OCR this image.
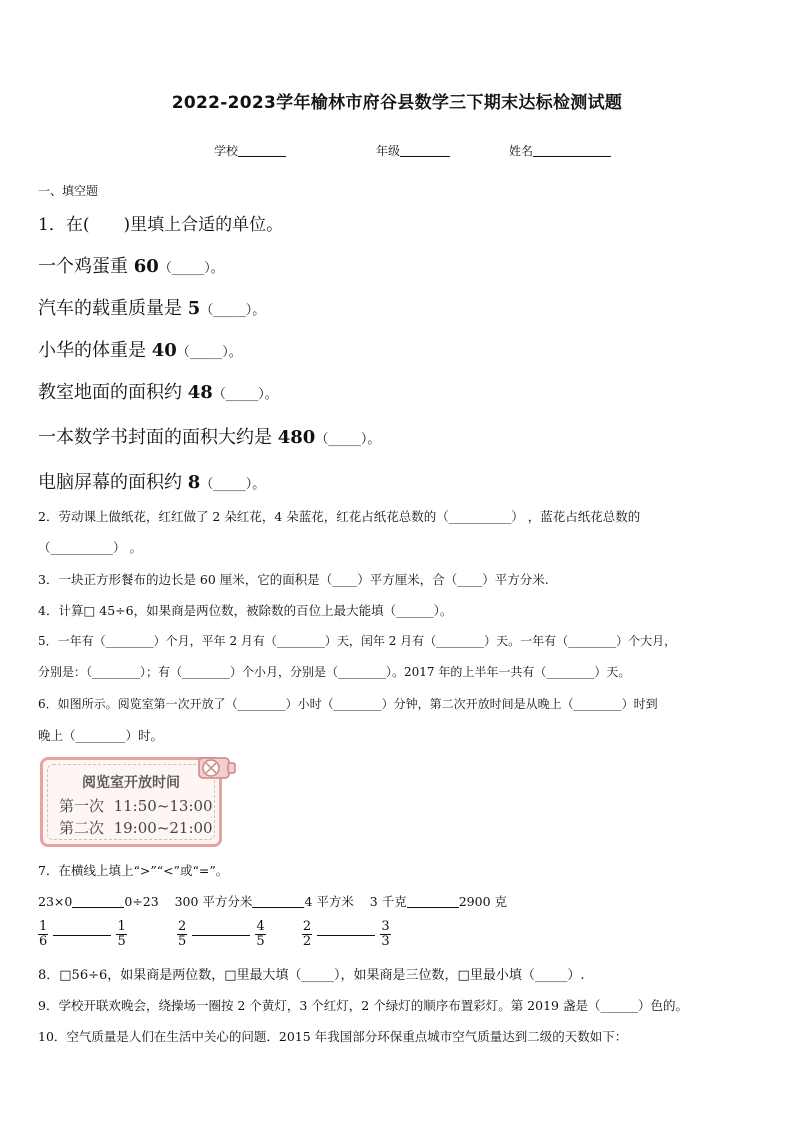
2022-2023学年榆林市府谷县数学三下期末达标检测试题
学校	年级	姓名
一、填空题
1．在(　　)里填上合适的单位。
一个鸡蛋重 60（_____）。
汽车的载重质量是 5（_____）。
小华的体重是 40（_____）。
教室地面的面积约 48（_____）。
一本数学书封面的面积大约是 480（_____）。
电脑屏幕的面积约 8（_____）。
2．劳动课上做纸花，红红做了 2 朵红花，4 朵蓝花，红花占纸花总数的（__________） ，蓝花占纸花总数的
（__________） 。
3．一块正方形餐布的边长是 60 厘米，它的面积是（____）平方厘米，合（____）平方分米.
4．计算□ 45÷6，如果商是两位数，被除数的百位上最大能填（______）。
5．一年有（________）个月，平年 2 月有（________）天，闰年 2 月有（________）天。一年有（________）个大月，
分别是：（________）；有（________）个小月，分别是（________）。2017 年的上半年一共有（________）天。
6．如图所示。阅览室第一次开放了（________）小时（________）分钟，第二次开放时间是从晚上（________）时到
晚上（________）时。
阅览室开放时间
第一次 11:50~13:00
第二次 19:00~21:00
7．在横线上填上“>”“<”或“=”。
23×0	0÷23 300 平方分米	4 平方米 3 千克	2900 克
$\frac{1}{6}$
	$\frac{1}{5}$
	$\frac{2}{5}$
	$\frac{4}{5}$
	$\frac{2}{2}$
	$\frac{3}{3}$
8．□56÷6，如果商是两位数，□里最大填（_____），如果商是三位数，□里最小填（_____）.
9．学校开联欢晚会，绕操场一圈按 2 个黄灯，3 个红灯，2 个绿灯的顺序布置彩灯。第 2019 盏是（______）色的。
10．空气质量是人们在生活中关心的问题．2015 年我国部分环保重点城市空气质量达到二级的天数如下：
